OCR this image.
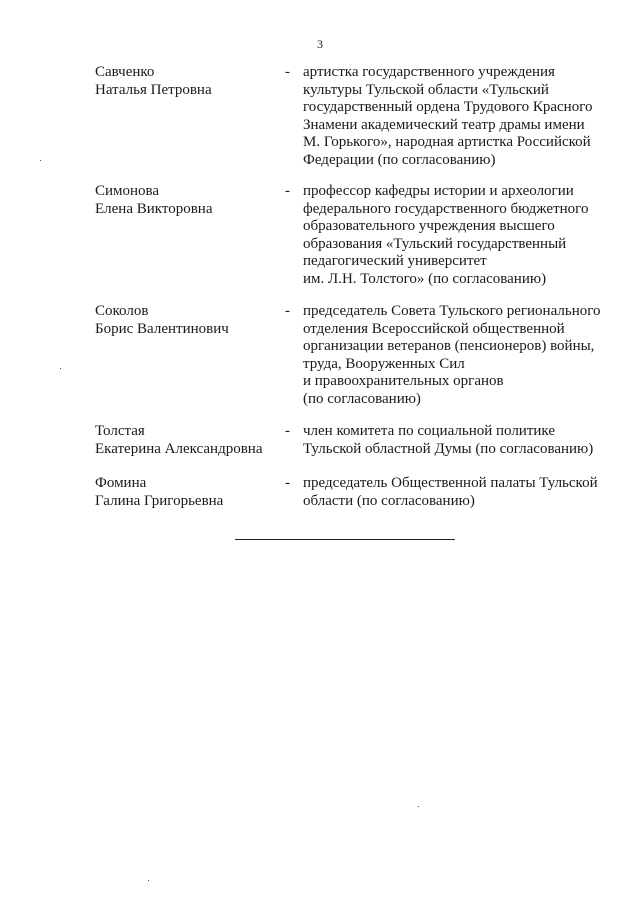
3
Савченко
Наталья Петровна
- артистка государственного учреждения
культуры Тульской области «Тульский
государственный ордена Трудового Красного
Знамени академический театр драмы имени
М. Горького», народная артистка Российской
Федерации (по согласованию)
Симонова
Елена Викторовна
- профессор кафедры истории и археологии
федерального государственного бюджетного
образовательного учреждения высшего
образования «Тульский государственный
педагогический университет
им. Л.Н. Толстого» (по согласованию)
Соколов
Борис Валентинович
- председатель Совета Тульского регионального
отделения Всероссийской общественной
организации ветеранов (пенсионеров) войны,
труда, Вооруженных Сил
и правоохранительных органов
(по согласованию)
Толстая
Екатерина Александровна
- член комитета по социальной политике
Тульской областной Думы (по согласованию)
Фомина
Галина Григорьевна
- председатель Общественной палаты Тульской
области (по согласованию)
